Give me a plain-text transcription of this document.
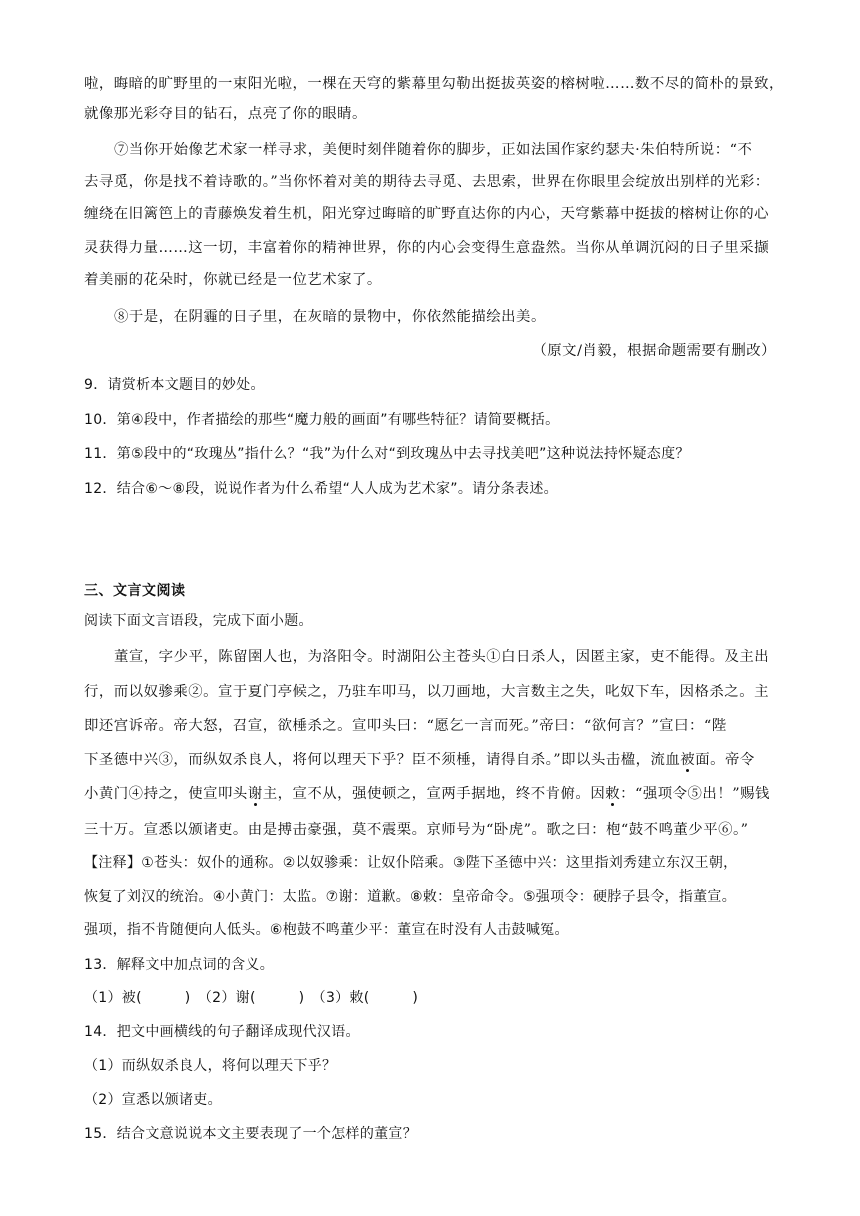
啦，晦暗的旷野里的一束阳光啦，一棵在天穹的紫幕里勾勒出挺拔英姿的榕树啦……数不尽的简朴的景致，
就像那光彩夺目的钻石，点亮了你的眼睛。
⑦当你开始像艺术家一样寻求，美便时刻伴随着你的脚步，正如法国作家约瑟夫·朱伯特所说：“不
去寻觅，你是找不着诗歌的。”当你怀着对美的期待去寻觅、去思索，世界在你眼里会绽放出别样的光彩：
缠绕在旧篱笆上的青藤焕发着生机，阳光穿过晦暗的旷野直达你的内心，天穹紫幕中挺拔的榕树让你的心
灵获得力量……这一切，丰富着你的精神世界，你的内心会变得生意盎然。当你从单调沉闷的日子里采撷
着美丽的花朵时，你就已经是一位艺术家了。
⑧于是，在阴霾的日子里，在灰暗的景物中，你依然能描绘出美。
（原文/肖毅，根据命题需要有删改）
9．请赏析本文题目的妙处。
10．第④段中，作者描绘的那些“魔力般的画面”有哪些特征？请简要概括。
11．第⑤段中的“玫瑰丛”指什么？“我”为什么对“到玫瑰丛中去寻找美吧”这种说法持怀疑态度？
12．结合⑥～⑧段，说说作者为什么希望“人人成为艺术家”。请分条表述。
三、文言文阅读
阅读下面文言语段，完成下面小题。
董宣，字少平，陈留圉人也，为洛阳令。时湖阳公主苍头①白日杀人，因匿主家，吏不能得。及主出
行，而以奴骖乘②。宣于夏门亭候之，乃驻车叩马，以刀画地，大言数主之失，叱奴下车，因格杀之。主
即还宫诉帝。帝大怒，召宣，欲棰杀之。宣叩头曰：“愿乞一言而死。”帝曰：“欲何言？”宣曰：“陛
下圣德中兴③，而纵奴杀良人，将何以理天下乎？臣不须棰，请得自杀。”即以头击楹，流血被面。帝令
小黄门④持之，使宣叩头谢主，宣不从，强使顿之，宣两手据地，终不肯俯。因敕：“强项令⑤出！”赐钱
三十万。宣悉以颁诸吏。由是搏击豪强，莫不震栗。京师号为“卧虎”。歌之曰：枹“鼓不鸣董少平⑥。”
【注释】①苍头：奴仆的通称。②以奴骖乘：让奴仆陪乘。③陛下圣德中兴：这里指刘秀建立东汉王朝，
恢复了刘汉的统治。④小黄门：太监。⑦谢：道歉。⑧敕：皇帝命令。⑤强项令：硬脖子县令，指董宣。
强项，指不肯随便向人低头。⑥枹鼓不鸣董少平：董宣在时没有人击鼓喊冤。
13．解释文中加点词的含义。
（1）被(　　　)　（2）谢(　　　)　（3）敕(　　　)
14．把文中画横线的句子翻译成现代汉语。
（1）而纵奴杀良人，将何以理天下乎？
（2）宣悉以颁诸吏。
15．结合文意说说本文主要表现了一个怎样的董宣？
